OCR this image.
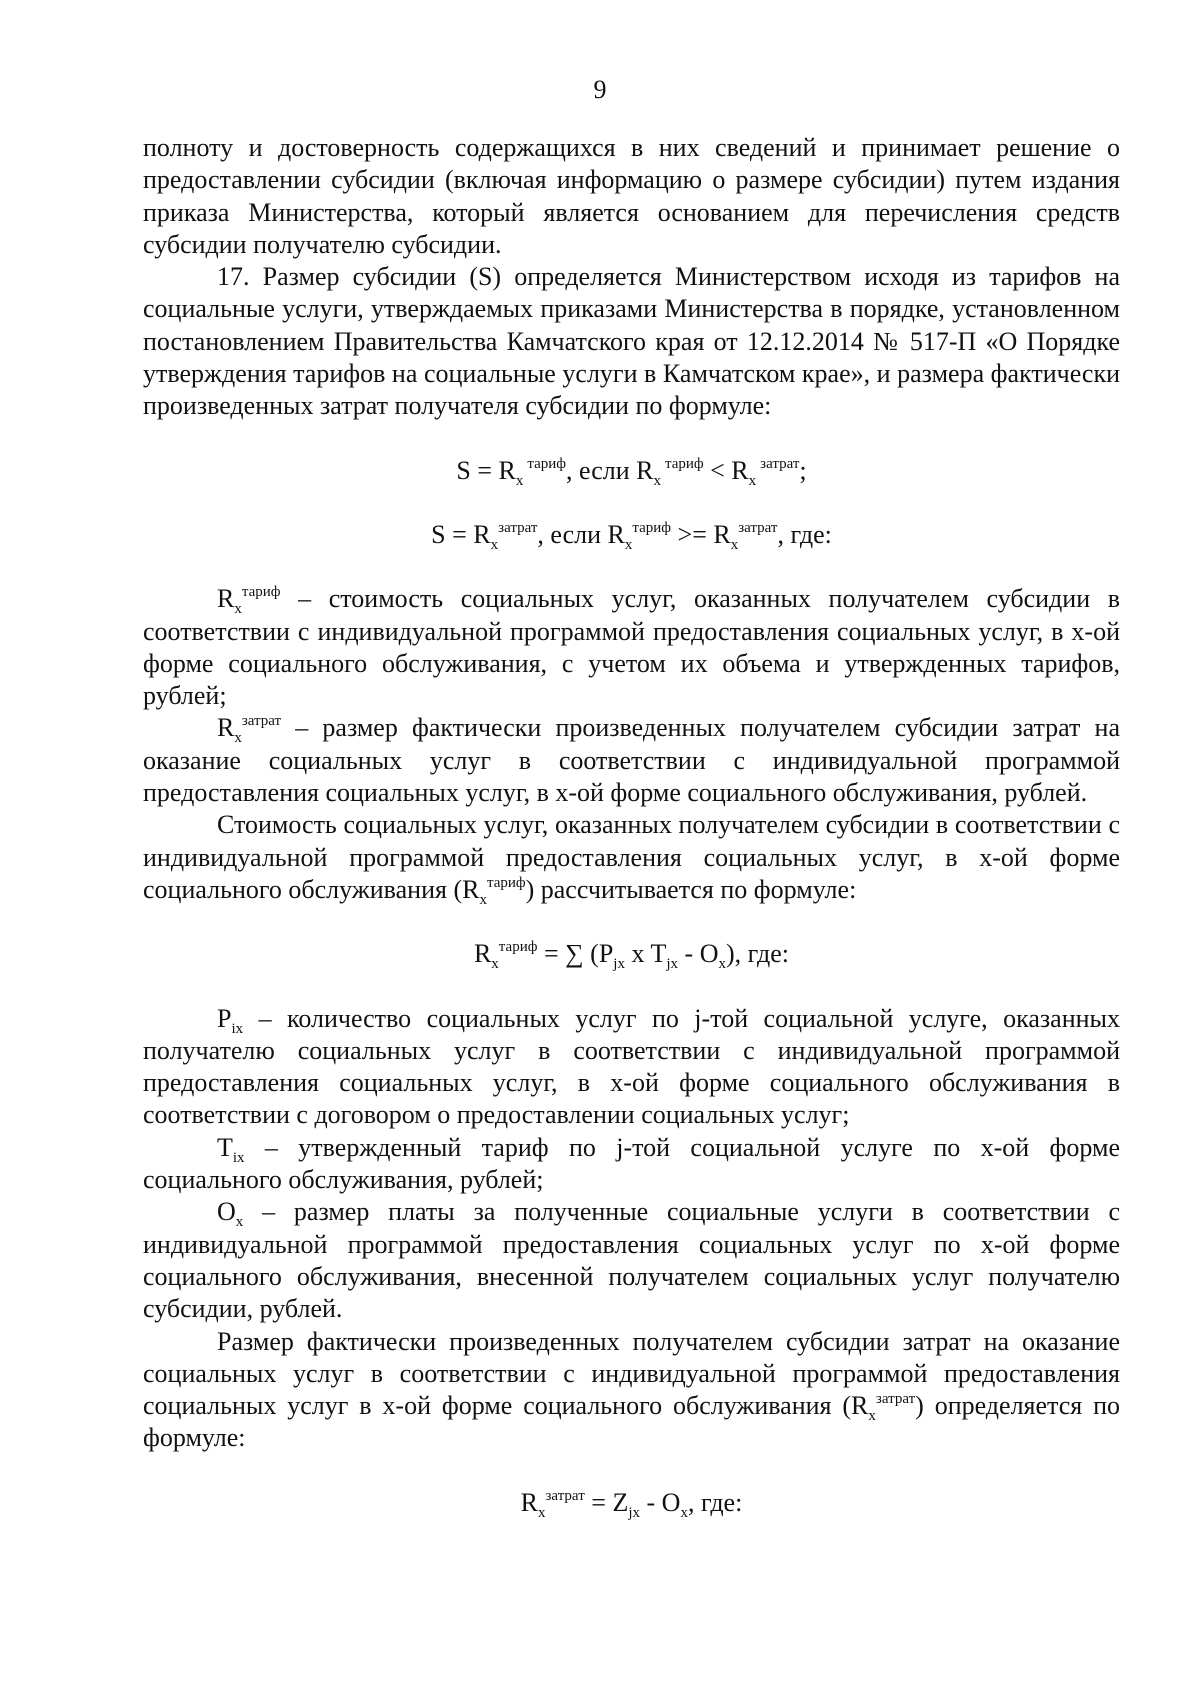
9

полноту и достоверность содержащихся в них сведений и принимает решение о предоставлении субсидии (включая информацию о размере субсидии) путем издания приказа Министерства, который является основанием для перечисления средств субсидии получателю субсидии.

17. Размер субсидии (S) определяется Министерством исходя из тарифов на социальные услуги, утверждаемых приказами Министерства в порядке, установленном постановлением Правительства Камчатского края от 12.12.2014 № 517-П «О Порядке утверждения тарифов на социальные услуги в Камчатском крае», и размера фактически произведенных затрат получателя субсидии по формуле:

$S = R_x^{тариф}$, если $R_x^{тариф} < R_x^{затрат}$;
$S = R_x^{затрат}$, если $R_x^{тариф} >= R_x^{затрат}$, где:

$R_x^{тариф}$ – стоимость социальных услуг, оказанных получателем субсидии в соответствии с индивидуальной программой предоставления социальных услуг, в х-ой форме социального обслуживания, с учетом их объема и утвержденных тарифов, рублей;

$R_x^{затрат}$ – размер фактически произведенных получателем субсидии затрат на оказание социальных услуг в соответствии с индивидуальной программой предоставления социальных услуг, в х-ой форме социального обслуживания, рублей.

Стоимость социальных услуг, оказанных получателем субсидии в соответствии с индивидуальной программой предоставления социальных услуг, в х-ой форме социального обслуживания $(R_x^{тариф})$ рассчитывается по формуле:

$R_x^{тариф}$ = ∑ ($P_{jx}$ x $T_{jx} - O_x$), где:

$P_{ix}$ – количество социальных услуг по j-той социальной услуге, оказанных получателю социальных услуг в соответствии с индивидуальной программой предоставления социальных услуг, в х-ой форме социального обслуживания в соответствии с договором о предоставлении социальных услуг;

$T_{ix}$ – утвержденный тариф по j-той социальной услуге по х-ой форме социального обслуживания, рублей;

$O_x$ – размер платы за полученные социальные услуги в соответствии с индивидуальной программой предоставления социальных услуг по х-ой форме социального обслуживания, внесенной получателем социальных услуг получателю субсидии, рублей.

Размер фактически произведенных получателем субсидии затрат на оказание социальных услуг в соответствии с индивидуальной программой предоставления социальных услуг в х-ой форме социального обслуживания $(R_x^{затрат})$ определяется по формуле:

$R_x^{затрат} = Z_{jx} - O_x$, где:
